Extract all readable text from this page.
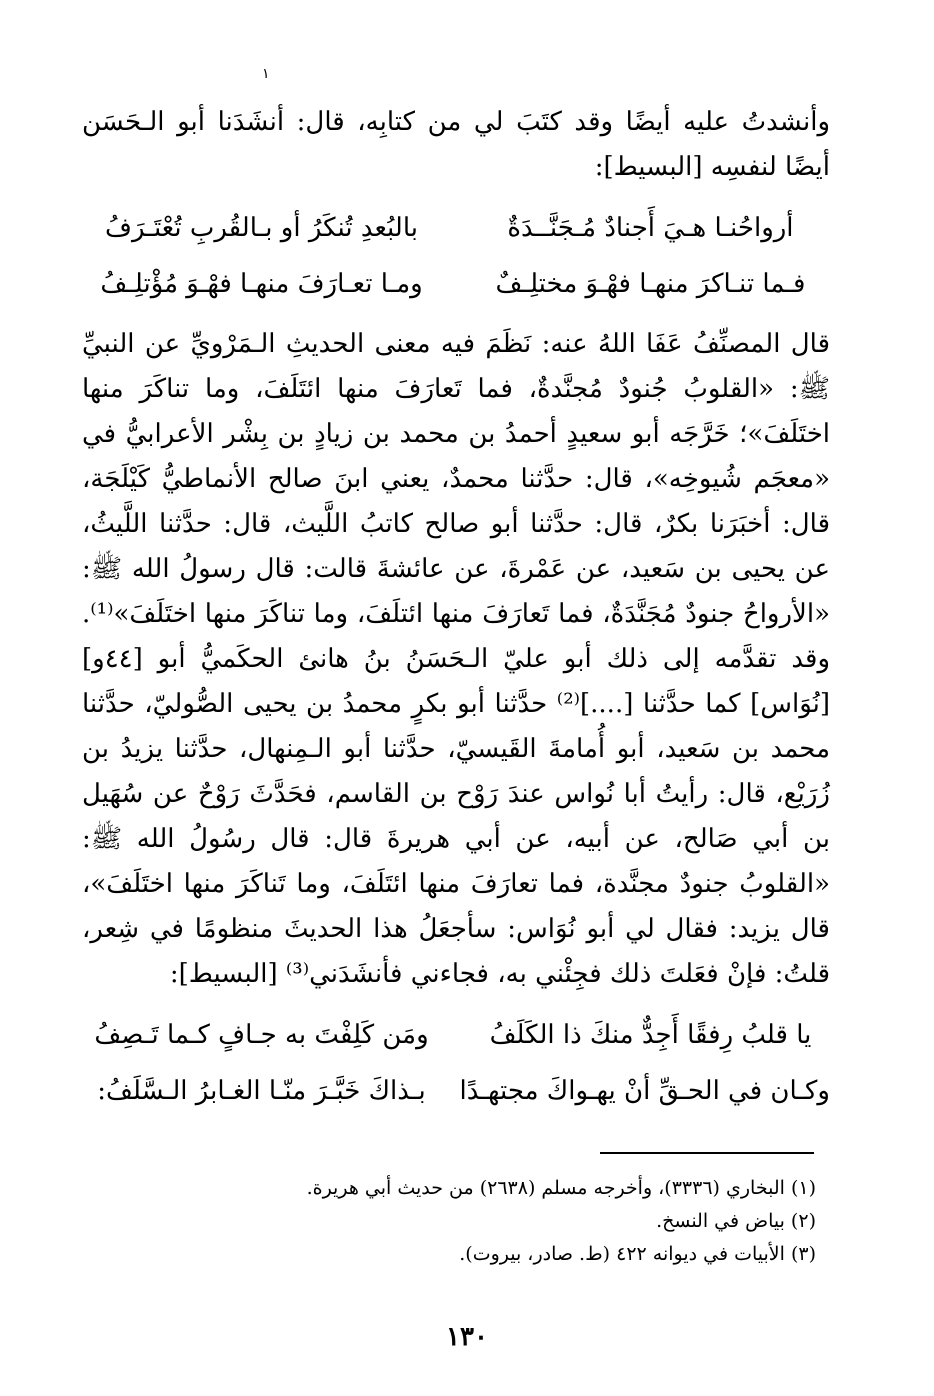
١

وأنشدتُ عليه أيضًا وقد كتَبَ لي من كتابِه، قال: أنشَدَنا أبو الـحَسَن أيضًا لنفسِه [البسيط]:

أرواحُنـا هـيَ أَجنادٌ مُـجَنَّــدَةٌ
بالبُعدِ تُنكَرُ أو بـالقُربِ تُعْتَـرَفُ
فـما تنـاكرَ منهـا فهْـوَ مختلِـفٌ
ومـا تعـارَفَ منهـا فهْـوَ مُؤْتلِـفُ

قال المصنِّفُ عَفَا اللهُ عنه: نَظَمَ فيه معنى الحديثِ الـمَرْويِّ عن النبيِّ ﷺ: «القلوبُ جُنودٌ مُجنَّدةٌ، فما تَعارَفَ منها ائتَلَفَ، وما تناكَرَ منها اختَلَفَ»؛ خَرَّجَه أبو سعيدٍ أحمدُ بن محمد بن زيادٍ بن بِشْر الأعرابيُّ في «معجَم شُيوخِه»، قال: حدَّثنا محمدٌ، يعني ابنَ صالح الأنماطيُّ كَيْلَجَة، قال: أخبَرَنا بكرٌ، قال: حدَّثنا أبو صالح كاتبُ اللَّيث، قال: حدَّثنا اللَّيثُ، عن يحيى بن سَعيد، عن عَمْرةَ، عن عائشةَ قالت: قال رسولُ الله ﷺ: «الأرواحُ جنودٌ مُجَنَّدَةٌ، فما تَعارَفَ منها ائتلَفَ، وما تناكَرَ منها اختَلَفَ»⁽¹⁾. وقد تقدَّمه إلى ذلك أبو عليّ الـحَسَنُ بنُ هانئ الحكَميُّ أبو [٤٤و] [نُوَاس] كما حدَّثنا [....]⁽²⁾ حدَّثنا أبو بكرٍ محمدُ بن يحيى الصُّوليّ، حدَّثنا محمد بن سَعيد، أبو أُمامةَ القَيسيّ، حدَّثنا أبو الـمِنهال، حدَّثنا يزيدُ بن زُرَيْع، قال: رأيتُ أبا نُواس عندَ رَوْح بن القاسم، فحَدَّثَ رَوْحٌ عن سُهَيل بن أبي صَالح، عن أبيه، عن أبي هريرةَ قال: قال رسُولُ الله ﷺ: «القلوبُ جنودٌ مجنَّدة، فما تعارَفَ منها ائتَلَفَ، وما تَناكَرَ منها اختَلَفَ»، قال يزيد: فقال لي أبو نُوَاس: سأجعَلُ هذا الحديثَ منظومًا في شِعر، قلتُ: فإنْ فعَلتَ ذلك فجِئْني به، فجاءني فأنشَدَني⁽³⁾ [البسيط]:

يا قلبُ رِفقًا أَجِدٌّ منكَ ذا الكَلَفُ
ومَن كَلِفْتَ به جـافٍ كـما تَـصِفُ
وكـان في الحـقِّ أنْ يهـواكَ مجتهـدًا
بـذاكَ خَبَّـرَ منّـا الغـابرُ الـسَّلَفُ:
(١) البخاري (٣٣٣٦)، وأخرجه مسلم (٢٦٣٨) من حديث أبي هريرة.
(٢) بياض في النسخ.
(٣) الأبيات في ديوانه ٤٢٢ (ط. صادر، بيروت).
١٣٠
